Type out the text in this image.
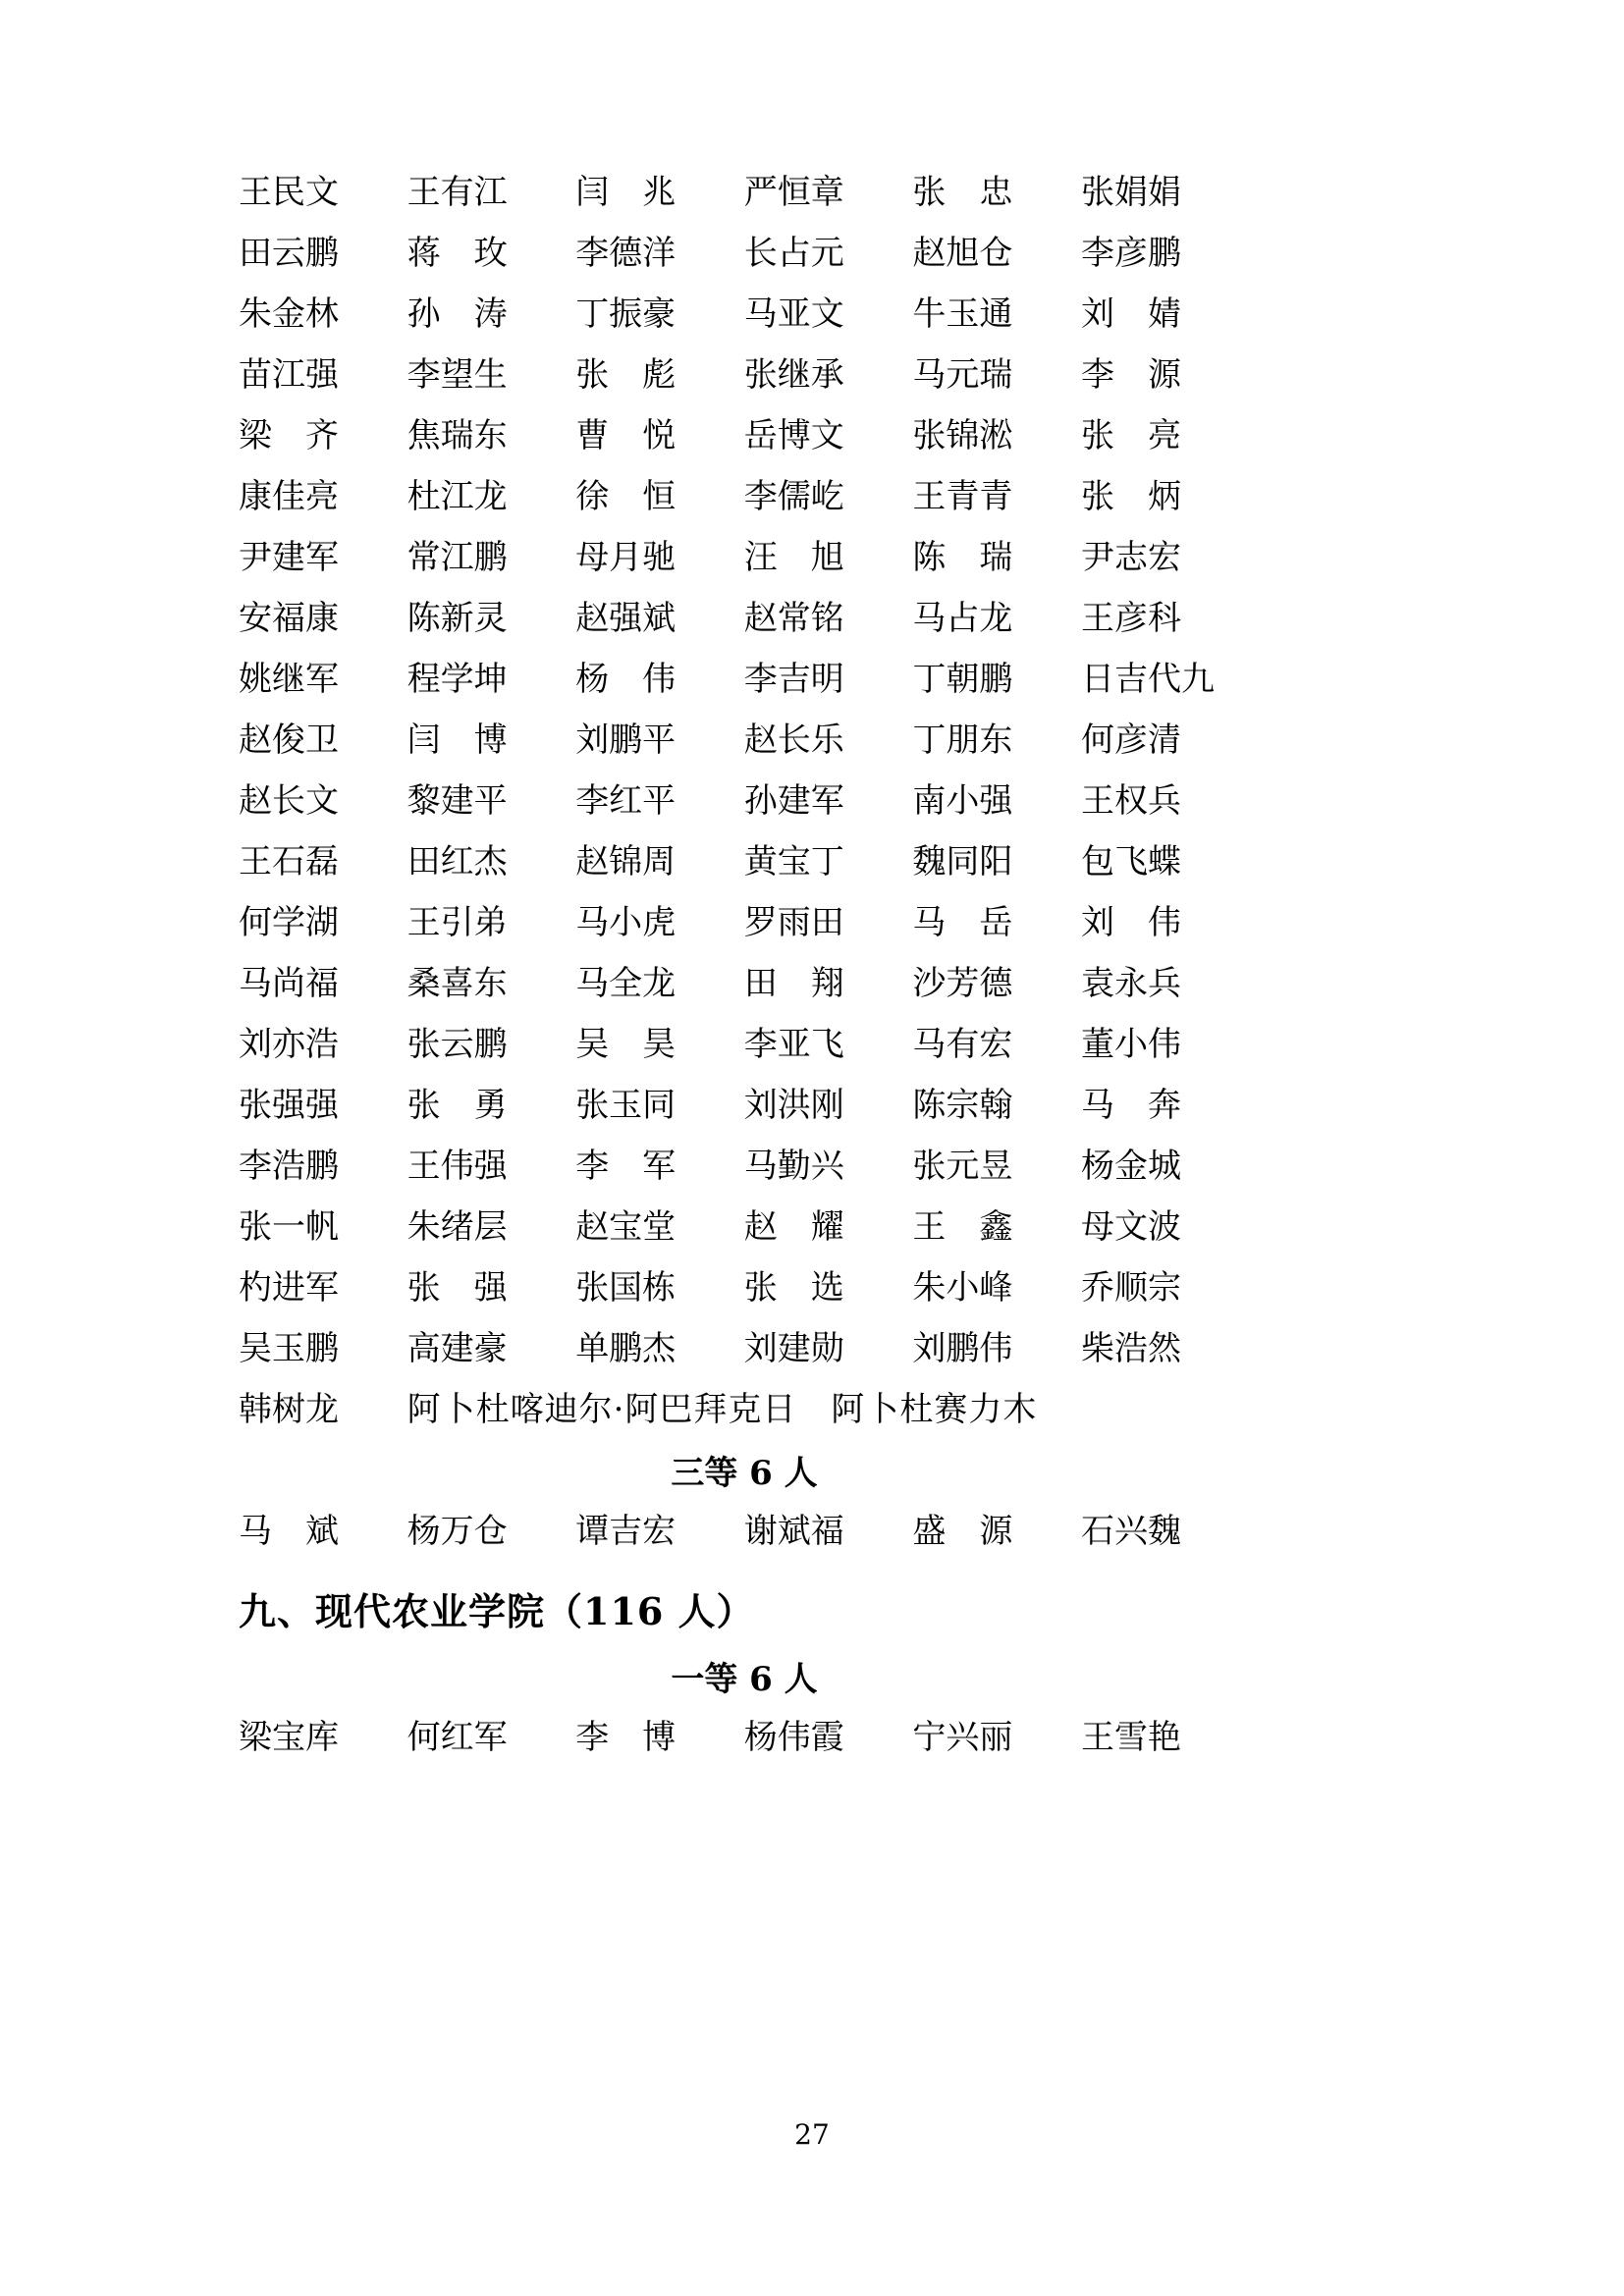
王民文	王有江	闫　兆	严恒章	张　忠	张娟娟
田云鹏	蒋　玫	李德洋	长占元	赵旭仓	李彦鹏
朱金林	孙　涛	丁振豪	马亚文	牛玉通	刘　婧
苗江强	李望生	张　彪	张继承	马元瑞	李　源
梁　齐	焦瑞东	曹　悦	岳博文	张锦淞	张　亮
康佳亮	杜江龙	徐　恒	李儒屹	王青青	张　炳
尹建军	常江鹏	母月驰	汪　旭	陈　瑞	尹志宏
安福康	陈新灵	赵强斌	赵常铭	马占龙	王彦科
姚继军	程学坤	杨　伟	李吉明	丁朝鹏	日吉代九
赵俊卫	闫　博	刘鹏平	赵长乐	丁朋东	何彦清
赵长文	黎建平	李红平	孙建军	南小强	王权兵
王石磊	田红杰	赵锦周	黄宝丁	魏同阳	包飞蝶
何学湖	王引弟	马小虎	罗雨田	马　岳	刘　伟
马尚福	桑喜东	马全龙	田　翔	沙芳德	袁永兵
刘亦浩	张云鹏	吴　昊	李亚飞	马有宏	董小伟
张强强	张　勇	张玉同	刘洪刚	陈宗翰	马　奔
李浩鹏	王伟强	李　军	马勤兴	张元昱	杨金城
张一帆	朱绪层	赵宝堂	赵　耀	王　鑫	母文波
杓进军	张　强	张国栋	张　选	朱小峰	乔顺宗
吴玉鹏	高建豪	单鹏杰	刘建勋	刘鹏伟	柴浩然
韩树龙	阿卜杜喀迪尔·阿巴拜克日　阿卜杜赛力木
三等 6 人
马　斌	杨万仓	谭吉宏	谢斌福	盛　源	石兴魏
九、现代农业学院（116 人）
一等 6 人
梁宝库	何红军	李　博	杨伟霞	宁兴丽	王雪艳
27
